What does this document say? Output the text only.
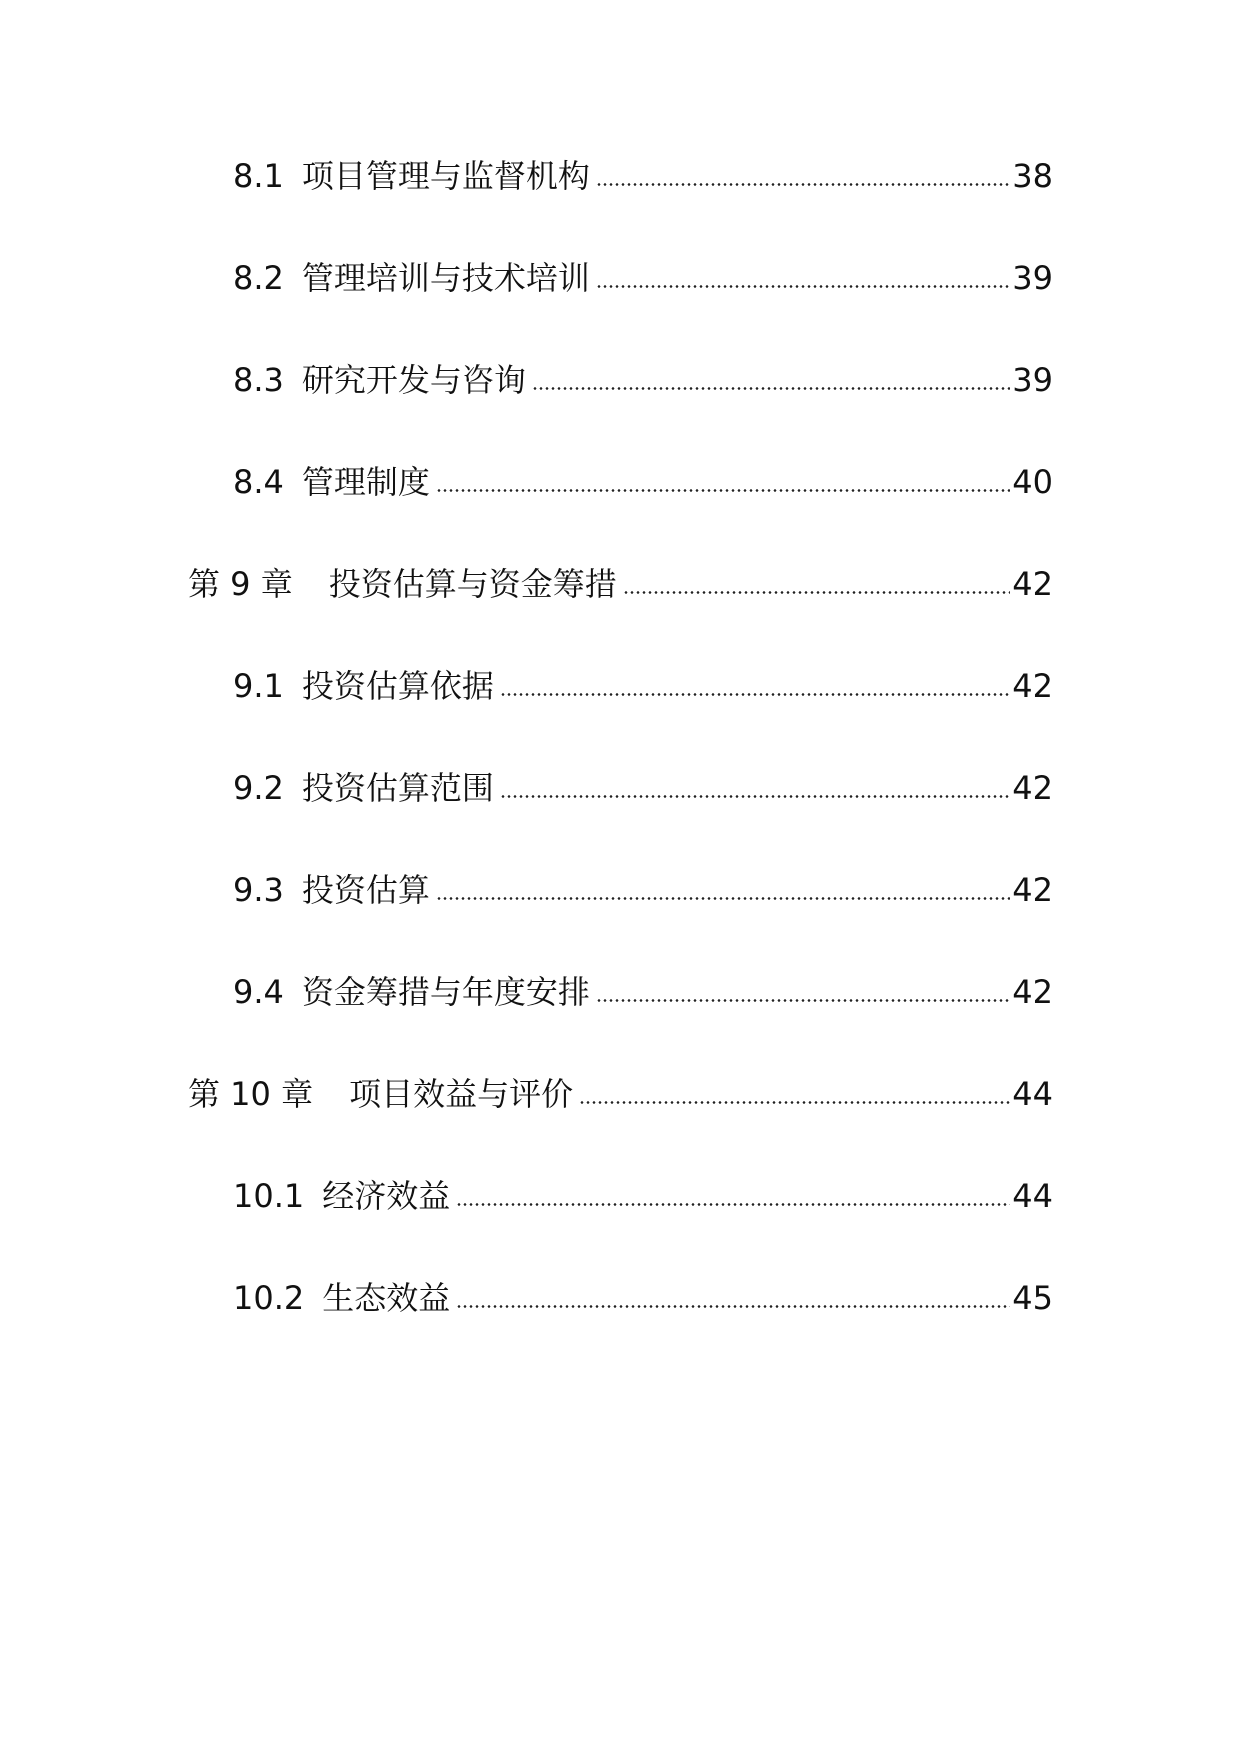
8.1 项目管理与监督机构	38
8.2 管理培训与技术培训	39
8.3 研究开发与咨询	39
8.4 管理制度	40
第 9 章 投资估算与资金筹措	42
9.1 投资估算依据	42
9.2 投资估算范围	42
9.3 投资估算	42
9.4 资金筹措与年度安排	42
第 10 章 项目效益与评价	44
10.1 经济效益	44
10.2 生态效益	45
